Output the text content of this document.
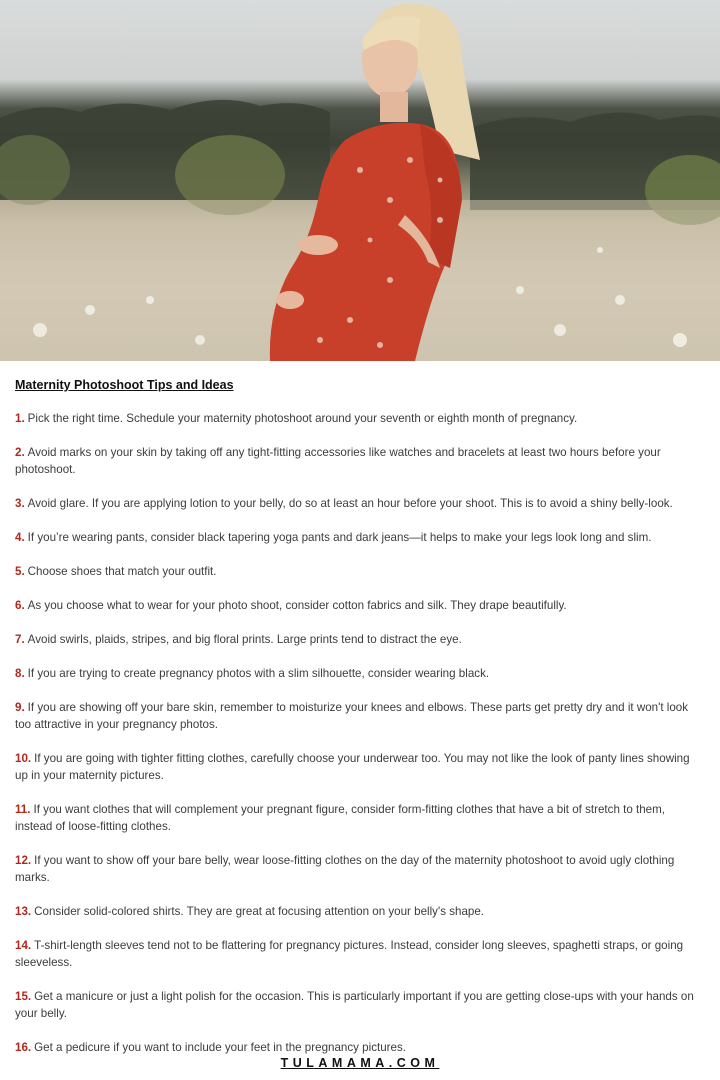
Maternity Photoshoot Tips and Ideas

1. Pick the right time. Schedule your maternity photoshoot around your seventh or eighth month of pregnancy.

2. Avoid marks on your skin by taking off any tight-fitting accessories like watches and bracelets at least two hours before your photoshoot.

3. Avoid glare. If you are applying lotion to your belly, do so at least an hour before your shoot. This is to avoid a shiny belly-look.

4. If you’re wearing pants, consider black tapering yoga pants and dark jeans—it helps to make your legs look long and slim.

5. Choose shoes that match your outfit.

6. As you choose what to wear for your photo shoot, consider cotton fabrics and silk. They drape beautifully.

7. Avoid swirls, plaids, stripes, and big floral prints. Large prints tend to distract the eye.

8. If you are trying to create pregnancy photos with a slim silhouette, consider wearing black.

9. If you are showing off your bare skin, remember to moisturize your knees and elbows. These parts get pretty dry and it won't look too attractive in your pregnancy photos.

10. If you are going with tighter fitting clothes, carefully choose your underwear too. You may not like the look of panty lines showing up in your maternity pictures.

11. If you want clothes that will complement your pregnant figure, consider form-fitting clothes that have a bit of stretch to them, instead of loose-fitting clothes.

12. If you want to show off your bare belly, wear loose-fitting clothes on the day of the maternity photoshoot to avoid ugly clothing marks.

13. Consider solid-colored shirts. They are great at focusing attention on your belly's shape.

14. T-shirt-length sleeves tend not to be flattering for pregnancy pictures. Instead, consider long sleeves, spaghetti straps, or going sleeveless.

15. Get a manicure or just a light polish for the occasion. This is particularly important if you are getting close-ups with your hands on your belly.

16. Get a pedicure if you want to include your feet in the pregnancy pictures.

TULAMAMA.COM
